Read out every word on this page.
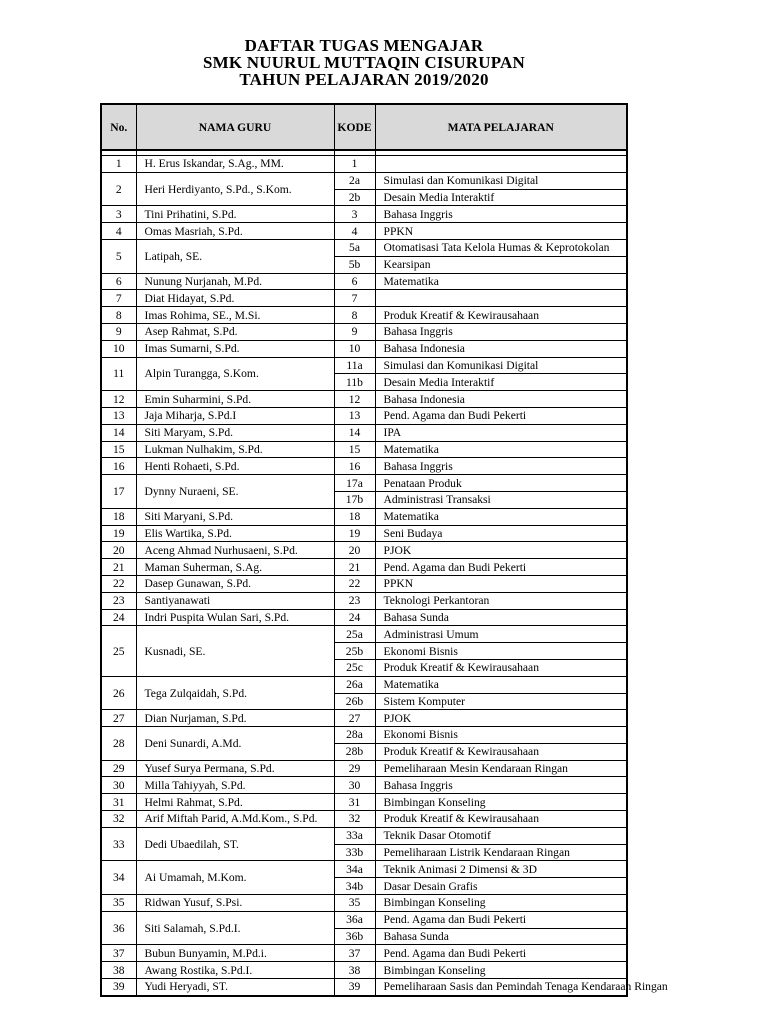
DAFTAR TUGAS MENGAJAR
SMK NUURUL MUTTAQIN CISURUPAN
TAHUN PELAJARAN 2019/2020
No.	NAMA GURU	KODE	MATA PELAJARAN

1	H. Erus Iskandar, S.Ag., MM.	1	
2	Heri Herdiyanto, S.Pd., S.Kom.	2a	Simulasi dan Komunikasi Digital
		2b	Desain Media Interaktif
3	Tini Prihatini, S.Pd.	3	Bahasa Inggris
4	Omas Masriah, S.Pd.	4	PPKN
5	Latipah, SE.	5a	Otomatisasi Tata Kelola Humas & Keprotokolan
		5b	Kearsipan
6	Nunung Nurjanah, M.Pd.	6	Matematika
7	Diat Hidayat, S.Pd.	7	
8	Imas Rohima, SE., M.Si.	8	Produk Kreatif & Kewirausahaan
9	Asep Rahmat, S.Pd.	9	Bahasa Inggris
10	Imas Sumarni, S.Pd.	10	Bahasa Indonesia
11	Alpin Turangga, S.Kom.	11a	Simulasi dan Komunikasi Digital
		11b	Desain Media Interaktif
12	Emin Suharmini, S.Pd.	12	Bahasa Indonesia
13	Jaja Miharja, S.Pd.I	13	Pend. Agama dan Budi Pekerti
14	Siti Maryam, S.Pd.	14	IPA
15	Lukman Nulhakim, S.Pd.	15	Matematika
16	Henti Rohaeti, S.Pd.	16	Bahasa Inggris
17	Dynny Nuraeni, SE.	17a	Penataan Produk
		17b	Administrasi Transaksi
18	Siti Maryani, S.Pd.	18	Matematika
19	Elis Wartika, S.Pd.	19	Seni Budaya
20	Aceng Ahmad Nurhusaeni, S.Pd.	20	PJOK
21	Maman Suherman, S.Ag.	21	Pend. Agama dan Budi Pekerti
22	Dasep Gunawan, S.Pd.	22	PPKN
23	Santiyanawati	23	Teknologi Perkantoran
24	Indri Puspita Wulan Sari, S.Pd.	24	Bahasa Sunda
25	Kusnadi, SE.	25a	Administrasi Umum
		25b	Ekonomi Bisnis
		25c	Produk Kreatif & Kewirausahaan
26	Tega Zulqaidah, S.Pd.	26a	Matematika
		26b	Sistem Komputer
27	Dian Nurjaman, S.Pd.	27	PJOK
28	Deni Sunardi, A.Md.	28a	Ekonomi Bisnis
		28b	Produk Kreatif & Kewirausahaan
29	Yusef Surya Permana, S.Pd.	29	Pemeliharaan Mesin Kendaraan Ringan
30	Milla Tahiyyah, S.Pd.	30	Bahasa Inggris
31	Helmi Rahmat, S.Pd.	31	Bimbingan Konseling
32	Arif Miftah Parid, A.Md.Kom., S.Pd.	32	Produk Kreatif & Kewirausahaan
33	Dedi Ubaedilah, ST.	33a	Teknik Dasar Otomotif
		33b	Pemeliharaan Listrik Kendaraan Ringan
34	Ai Umamah, M.Kom.	34a	Teknik Animasi 2 Dimensi & 3D
		34b	Dasar Desain Grafis
35	Ridwan Yusuf, S.Psi.	35	Bimbingan Konseling
36	Siti Salamah, S.Pd.I.	36a	Pend. Agama dan Budi Pekerti
		36b	Bahasa Sunda
37	Bubun Bunyamin, M.Pd.i.	37	Pend. Agama dan Budi Pekerti
38	Awang Rostika, S.Pd.I.	38	Bimbingan Konseling
39	Yudi Heryadi, ST.	39	Pemeliharaan Sasis dan Pemindah Tenaga Kendaraan Ringan
